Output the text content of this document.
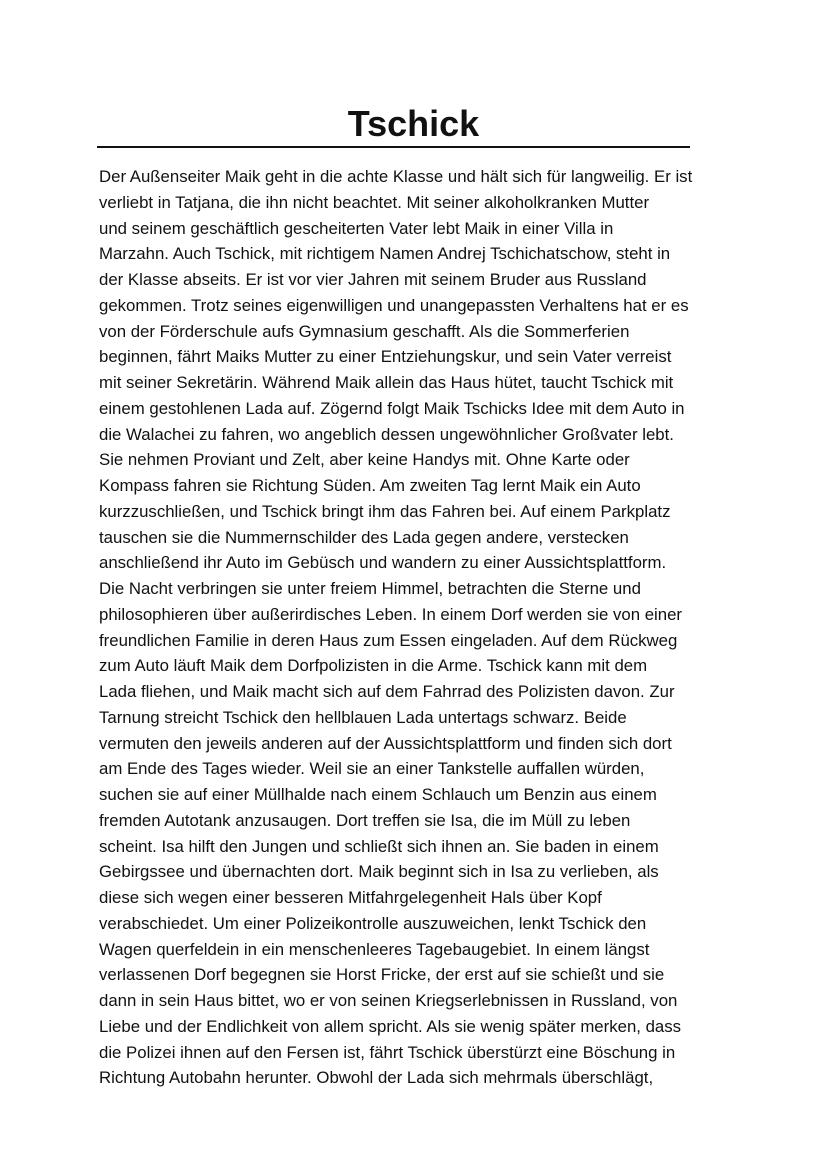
Tschick
Der Außenseiter Maik geht in die achte Klasse und hält sich für langweilig. Er ist
verliebt in Tatjana, die ihn nicht beachtet. Mit seiner alkoholkranken Mutter
und seinem geschäftlich gescheiterten Vater lebt Maik in einer Villa in
Marzahn. Auch Tschick, mit richtigem Namen Andrej Tschichatschow, steht in
der Klasse abseits. Er ist vor vier Jahren mit seinem Bruder aus Russland
gekommen. Trotz seines eigenwilligen und unangepassten Verhaltens hat er es
von der Förderschule aufs Gymnasium geschafft. Als die Sommerferien
beginnen, fährt Maiks Mutter zu einer Entziehungskur, und sein Vater verreist
mit seiner Sekretärin. Während Maik allein das Haus hütet, taucht Tschick mit
einem gestohlenen Lada auf. Zögernd folgt Maik Tschicks Idee mit dem Auto in
die Walachei zu fahren, wo angeblich dessen ungewöhnlicher Großvater lebt.
Sie nehmen Proviant und Zelt, aber keine Handys mit. Ohne Karte oder
Kompass fahren sie Richtung Süden. Am zweiten Tag lernt Maik ein Auto
kurzzuschließen, und Tschick bringt ihm das Fahren bei. Auf einem Parkplatz
tauschen sie die Nummernschilder des Lada gegen andere, verstecken
anschließend ihr Auto im Gebüsch und wandern zu einer Aussichtsplattform.
Die Nacht verbringen sie unter freiem Himmel, betrachten die Sterne und
philosophieren über außerirdisches Leben. In einem Dorf werden sie von einer
freundlichen Familie in deren Haus zum Essen eingeladen. Auf dem Rückweg
zum Auto läuft Maik dem Dorfpolizisten in die Arme. Tschick kann mit dem
Lada fliehen, und Maik macht sich auf dem Fahrrad des Polizisten davon. Zur
Tarnung streicht Tschick den hellblauen Lada untertags schwarz. Beide
vermuten den jeweils anderen auf der Aussichtsplattform und finden sich dort
am Ende des Tages wieder. Weil sie an einer Tankstelle auffallen würden,
suchen sie auf einer Müllhalde nach einem Schlauch um Benzin aus einem
fremden Autotank anzusaugen. Dort treffen sie Isa, die im Müll zu leben
scheint. Isa hilft den Jungen und schließt sich ihnen an. Sie baden in einem
Gebirgssee und übernachten dort. Maik beginnt sich in Isa zu verlieben, als
diese sich wegen einer besseren Mitfahrgelegenheit Hals über Kopf
verabschiedet. Um einer Polizeikontrolle auszuweichen, lenkt Tschick den
Wagen querfeldein in ein menschenleeres Tagebaugebiet. In einem längst
verlassenen Dorf begegnen sie Horst Fricke, der erst auf sie schießt und sie
dann in sein Haus bittet, wo er von seinen Kriegserlebnissen in Russland, von
Liebe und der Endlichkeit von allem spricht. Als sie wenig später merken, dass
die Polizei ihnen auf den Fersen ist, fährt Tschick überstürzt eine Böschung in
Richtung Autobahn herunter. Obwohl der Lada sich mehrmals überschlägt,
